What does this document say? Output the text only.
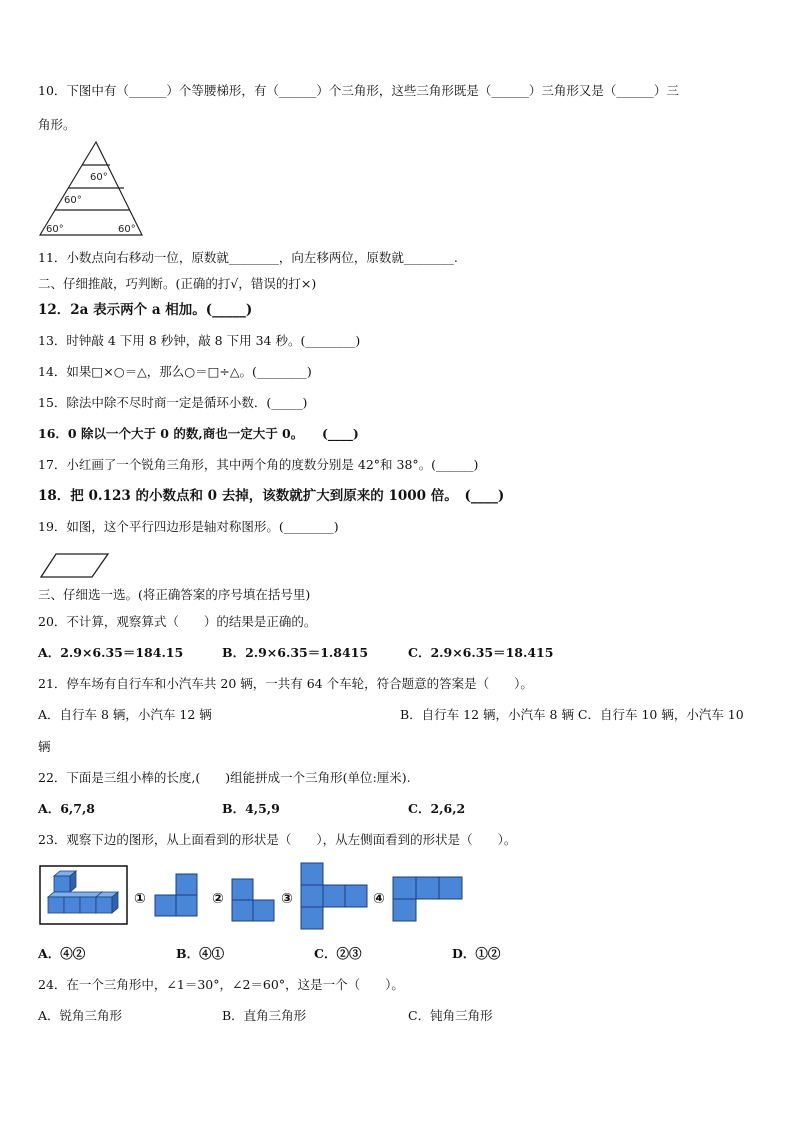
10．下图中有（______）个等腰梯形，有（______）个三角形，这些三角形既是（______）三角形又是（______）三
角形。
60°
60°
60°	60°
11．小数点向右移动一位，原数就________，向左移两位，原数就________.
二、仔细推敲，巧判断。(正确的打√，错误的打×)
12．2a 表示两个 a 相加。(_____)
13．时钟敲 4 下用 8 秒钟，敲 8 下用 34 秒。(________)
14．如果□×○＝△，那么○＝□÷△。(________)
15．除法中除不尽时商一定是循环小数．(_____)
16．0 除以一个大于 0 的数,商也一定大于 0。　　(____)
17．小红画了一个锐角三角形，其中两个角的度数分别是 42°和 38°。(______)
18．把 0.123 的小数点和 0 去掉，该数就扩大到原来的 1000 倍。　(____)
19．如图，这个平行四边形是轴对称图形。(________)
三、仔细选一选。(将正确答案的序号填在括号里)
20．不计算，观察算式（　　）的结果是正确的。
A．2.9×6.35＝184.15	B．2.9×6.35＝1.8415	C．2.9×6.35＝18.415
21．停车场有自行车和小汽车共 20 辆，一共有 64 个车轮，符合题意的答案是（　　）。
A．自行车 8 辆，小汽车 12 辆	B．自行车 12 辆，小汽车 8 辆 C．自行车 10 辆，小汽车 10
辆
22．下面是三组小棒的长度,(　　)组能拼成一个三角形(单位:厘米).
A．6,7,8	B．4,5,9	C．2,6,2
23．观察下边的图形，从上面看到的形状是（　　），从左侧面看到的形状是（　　）。
①	②	③	④
A．④②	B．④①	C．②③	D．①②
24．在一个三角形中，∠1＝30°，∠2＝60°，这是一个（　　）。
A．锐角三角形	B．直角三角形	C．钝角三角形
